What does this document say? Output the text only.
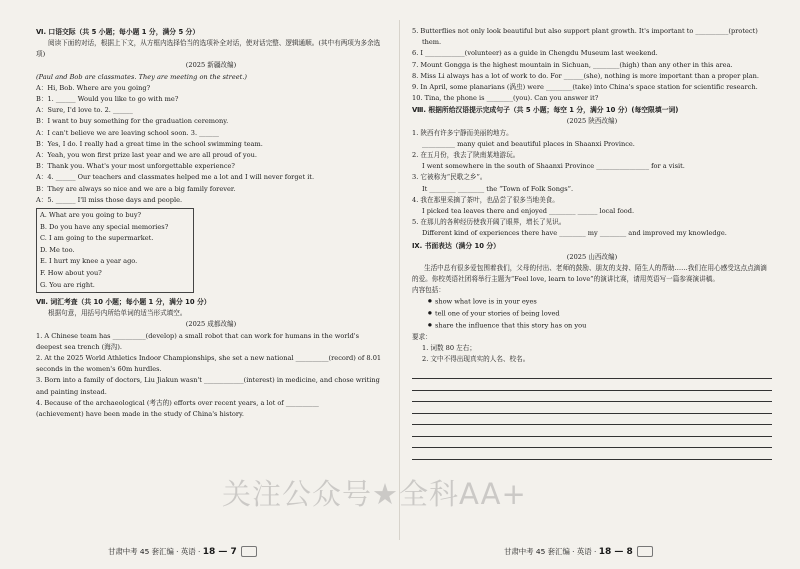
Ⅵ. 口语交际（共 5 小题；每小题 1 分，满分 5 分）
阅读下面的对话，根据上下文，从方框内选择恰当的选项补全对话，使对话完整、逻辑通顺。(其中有两项为多余选项)
(2025 新疆改编)
(Paul and Bob are classmates. They are meeting on the street.)
A：Hi, Bob. Where are you going?
B：1. ______ Would you like to go with me?
A：Sure, I'd love to. 2. ______
B：I want to buy something for the graduation ceremony.
A：I can't believe we are leaving school soon. 3. ______
B：Yes, I do. I really had a great time in the school swimming team.
A：Yeah, you won first prize last year and we are all proud of you.
B：Thank you. What's your most unforgettable experience?
A：4. ______ Our teachers and classmates helped me a lot and I will never forget it.
B：They are always so nice and we are a big family forever.
A：5. ______ I'll miss those days and people.
A. What are you going to buy?
B. Do you have any special memories?
C. I am going to the supermarket.
D. Me too.
E. I hurt my knee a year ago.
F. How about you?
G. You are right.
Ⅶ. 词汇考查（共 10 小题；每小题 1 分，满分 10 分）
根据句意，用括号内所给单词的适当形式填空。
(2025 成都改编)
1. A Chinese team has __________(develop) a small robot that can work for humans in the world's
deepest sea trench (海沟).
2. At the 2025 World Athletics Indoor Championships, she set a new national __________(record) of 8.01
seconds in the women's 60m hurdles.
3. Born into a family of doctors, Liu Jiakun wasn't ____________(interest) in medicine, and chose writing
and painting instead.
4. Because of the archaeological (考古的) efforts over recent years, a lot of __________
(achievement) have been made in the study of China's history.
甘肃中考 45 套汇编 · 英语 · 18 — 7
5. Butterflies not only look beautiful but also support plant growth. It's important to __________(protect)
them.
6. I ____________(volunteer) as a guide in Chengdu Museum last weekend.
7. Mount Gongga is the highest mountain in Sichuan, ________(high) than any other in this area.
8. Miss Li always has a lot of work to do. For ______(she), nothing is more important than a proper plan.
9. In April, some planarians (涡虫) were ________(take) into China's space station for scientific research.
10. Tina, the phone is ________(you). Can you answer it?
Ⅷ. 根据所给汉语提示完成句子（共 5 小题；每空 1 分，满分 10 分）(每空限填一词)
(2025 陕西改编)
1. 陕西有许多宁静而美丽的地方。
__________ many quiet and beautiful places in Shaanxi Province.
2. 在五月份，我去了陕南某地游玩。
I went somewhere in the south of Shaanxi Province ________________ for a visit.
3. 它被称为“民歌之乡”。
It ________ ________ the “Town of Folk Songs”.
4. 我在那里采摘了茶叶，也品尝了很多当地美食。
I picked tea leaves there and enjoyed ________ ______ local food.
5. 在那儿的各种经历使我开阔了眼界，增长了见识。
Different kind of experiences there have ________ my ________ and improved my knowledge.
Ⅸ. 书面表达（满分 10 分）
(2025 山西改编)
生活中总有很多爱包围着我们，父母的付出、老师的鼓励、朋友的支持、陌生人的帮助……我们在用心感受这点点滴滴的爱。你校英语社团将举行主题为“Feel love, learn to love”的演讲比赛，请用英语写一篇参赛演讲稿。
内容包括：
● show what love is in your eyes
● tell one of your stories of being loved
● share the influence that this story has on you
要求：
1. 词数 80 左右；
2. 文中不得出现真实的人名、校名。
甘肃中考 45 套汇编 · 英语 · 18 — 8
关注公众号★全科AA+
